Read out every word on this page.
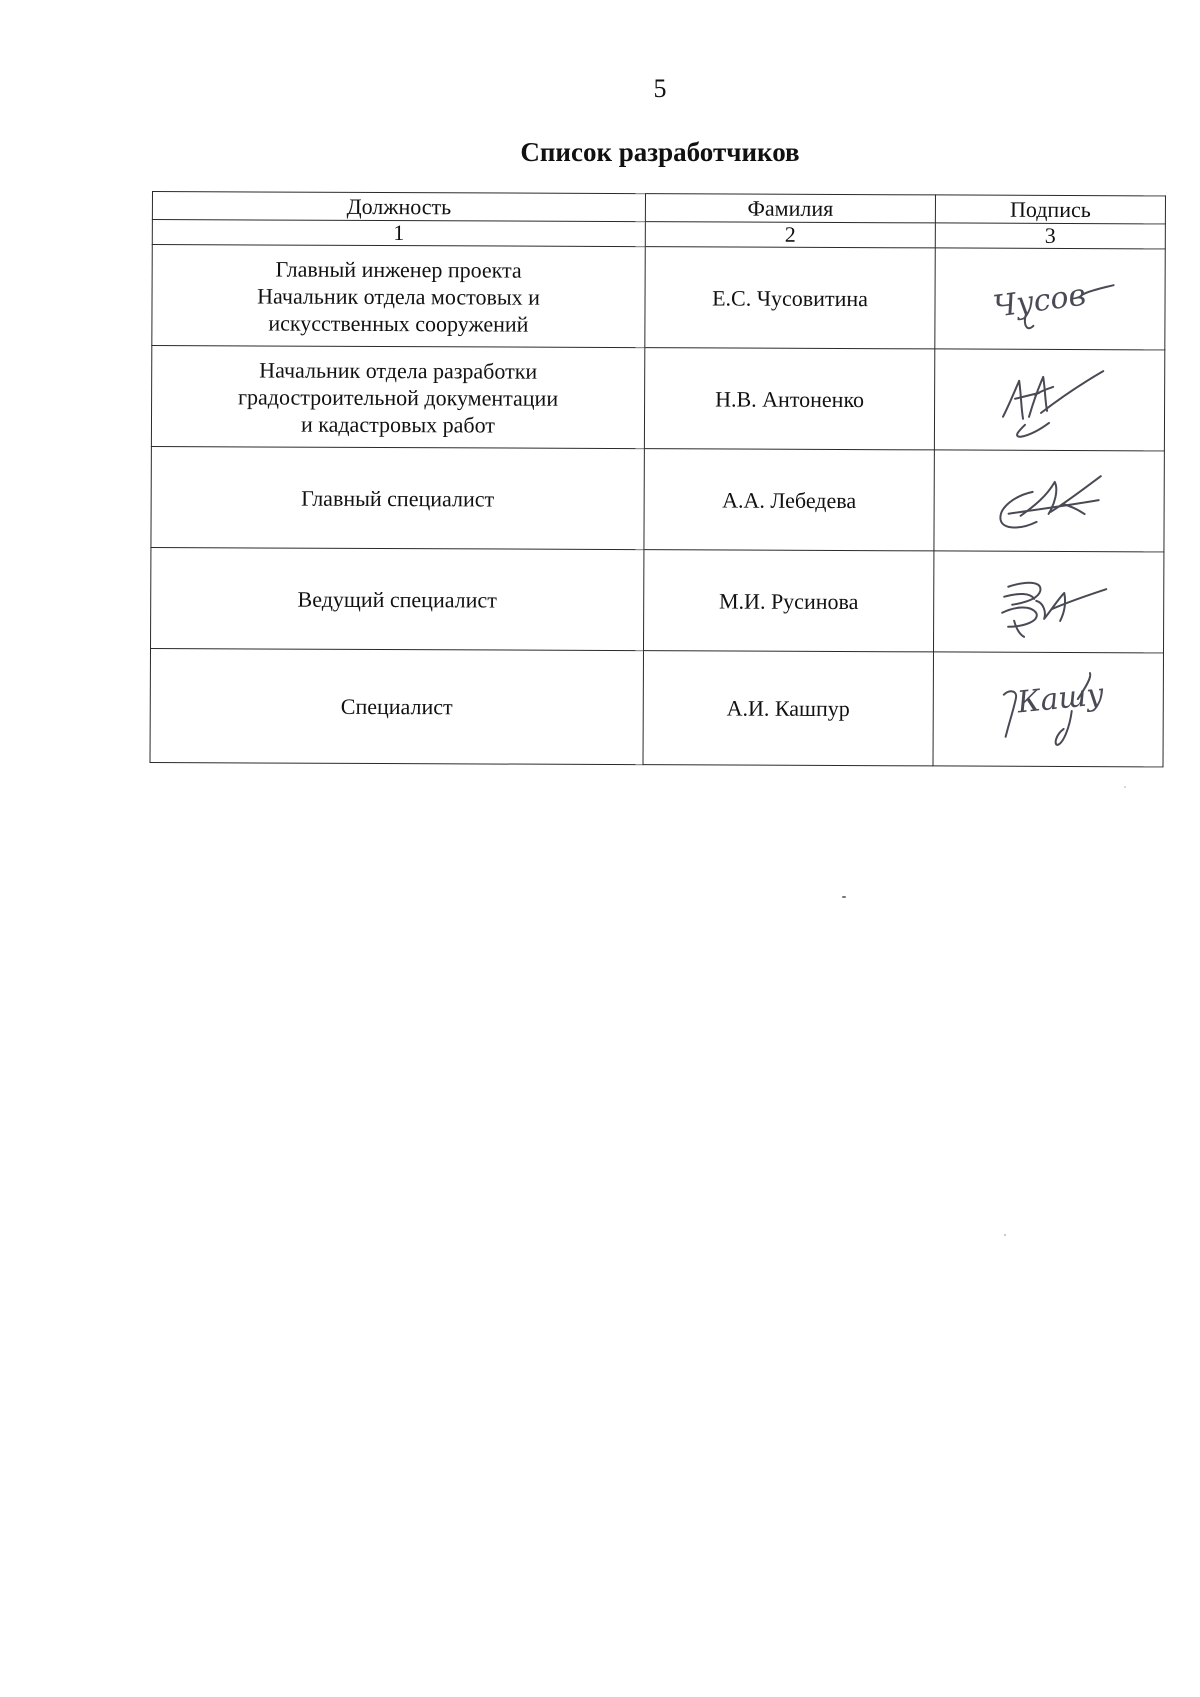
5
Список разработчиков
Должность	Фамилия	Подпись
1	2	3

Главный инженер проекта
Начальник отдела мостовых и
искусственных сооружений	Е.С. Чусовитина	Чусов

Начальник отдела разработки
градостроительной документации
и кадастровых работ	Н.В. Антоненко	

Главный специалист	А.А. Лебедева	

Ведущий специалист	М.И. Русинова	

Специалист	А.И. Кашпур	Кашу
